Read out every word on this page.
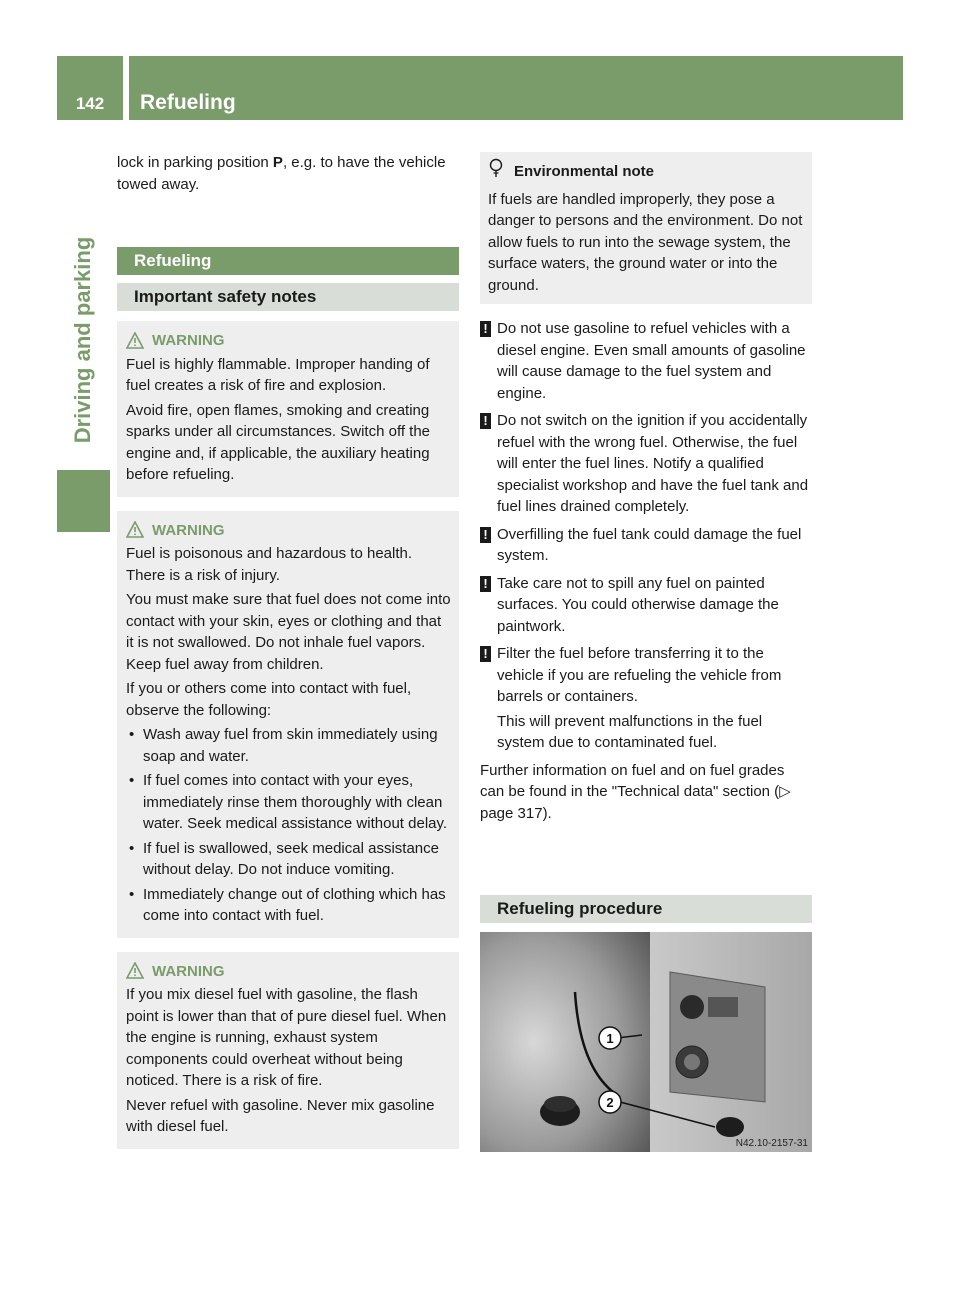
142	Refueling
Driving and parking

lock in parking position P, e.g. to have the vehicle towed away.

Refueling
Important safety notes
WARNING

Fuel is highly flammable. Improper handing of fuel creates a risk of fire and explosion.

Avoid fire, open flames, smoking and creating sparks under all circumstances. Switch off the engine and, if applicable, the auxiliary heating before refueling.

WARNING

Fuel is poisonous and hazardous to health. There is a risk of injury.

You must make sure that fuel does not come into contact with your skin, eyes or clothing and that it is not swallowed. Do not inhale fuel vapors. Keep fuel away from children.

If you or others come into contact with fuel, observe the following:

• Wash away fuel from skin immediately using soap and water.
• If fuel comes into contact with your eyes, immediately rinse them thoroughly with clean water. Seek medical assistance without delay.
• If fuel is swallowed, seek medical assistance without delay. Do not induce vomiting.
• Immediately change out of clothing which has come into contact with fuel.
WARNING

If you mix diesel fuel with gasoline, the flash point is lower than that of pure diesel fuel. When the engine is running, exhaust system components could overheat without being noticed. There is a risk of fire.

Never refuel with gasoline. Never mix gasoline with diesel fuel.

Environmental note

If fuels are handled improperly, they pose a danger to persons and the environment. Do not allow fuels to run into the sewage system, the surface waters, the ground water or into the ground.

! Do not use gasoline to refuel vehicles with a diesel engine. Even small amounts of gasoline will cause damage to the fuel system and engine.

! Do not switch on the ignition if you accidentally refuel with the wrong fuel. Otherwise, the fuel will enter the fuel lines. Notify a qualified specialist workshop and have the fuel tank and fuel lines drained completely.

! Overfilling the fuel tank could damage the fuel system.

! Take care not to spill any fuel on painted surfaces. You could otherwise damage the paintwork.

! Filter the fuel before transferring it to the vehicle if you are refueling the vehicle from barrels or containers.

This will prevent malfunctions in the fuel system due to contaminated fuel.

Further information on fuel and on fuel grades can be found in the "Technical data" section (▷ page 317).

Refueling procedure
1
2
N42.10-2157-31
